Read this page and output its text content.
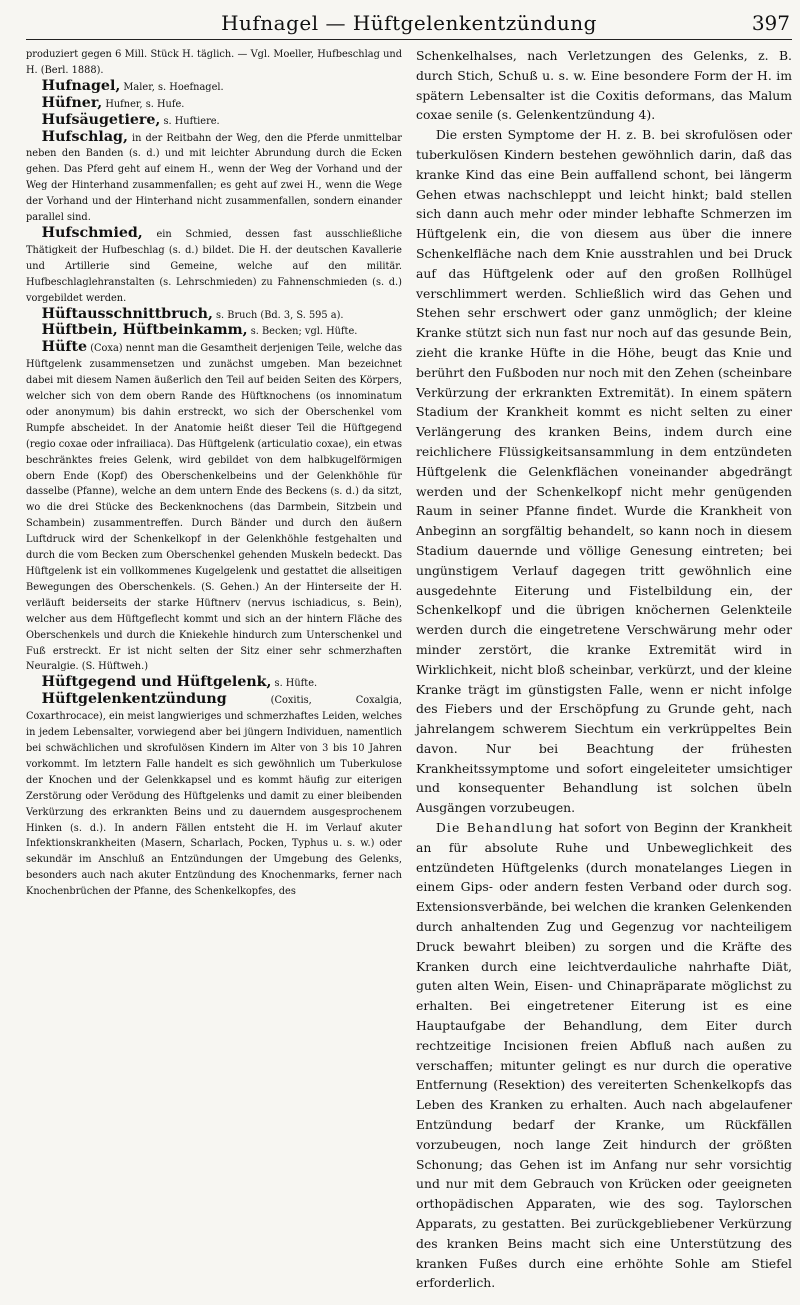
Hufnagel — Hüftgelenkentzündung	397

produziert gegen 6 Mill. Stück H. täglich. — Vgl. Moeller, Hufbeschlag und H. (Berl. 1888).

Hufnagel, Maler, s. Hoefnagel.

Hüfner, Hufner, s. Hufe.

Hufsäugetiere, s. Huftiere.

Hufschlag, in der Reitbahn der Weg, den die Pferde unmittelbar neben den Banden (s. d.) und mit leichter Abrundung durch die Ecken gehen. Das Pferd geht auf einem H., wenn der Weg der Vorhand und der Weg der Hinterhand zusammenfallen; es geht auf zwei H., wenn die Wege der Vorhand und der Hinterhand nicht zusammenfallen, sondern einander parallel sind.

Hufschmied, ein Schmied, dessen fast ausschließliche Thätigkeit der Hufbeschlag (s. d.) bildet. Die H. der deutschen Kavallerie und Artillerie sind Gemeine, welche auf den militär. Hufbeschlaglehranstalten (s. Lehrschmieden) zu Fahnenschmieden (s. d.) vorgebildet werden.

Hüftausschnittbruch, s. Bruch (Bd. 3, S. 595 a).

Hüftbein, Hüftbeinkamm, s. Becken; vgl. Hüfte.

Hüfte (Coxa) nennt man die Gesamtheit derjenigen Teile, welche das Hüftgelenk zusammensetzen und zunächst umgeben. Man bezeichnet dabei mit diesem Namen äußerlich den Teil auf beiden Seiten des Körpers, welcher sich von dem obern Rande des Hüftknochens (os innominatum oder anonymum) bis dahin erstreckt, wo sich der Oberschenkel vom Rumpfe abscheidet. In der Anatomie heißt dieser Teil die Hüftgegend (regio coxae oder infrailiaca). Das Hüftgelenk (articulatio coxae), ein etwas beschränktes freies Gelenk, wird gebildet von dem halbkugelförmigen obern Ende (Kopf) des Oberschenkelbeins und der Gelenkhöhle für dasselbe (Pfanne), welche an dem untern Ende des Beckens (s. d.) da sitzt, wo die drei Stücke des Beckenknochens (das Darmbein, Sitzbein und Schambein) zusammentreffen. Durch Bänder und durch den äußern Luftdruck wird der Schenkelkopf in der Gelenkhöhle festgehalten und durch die vom Becken zum Oberschenkel gehenden Muskeln bedeckt. Das Hüftgelenk ist ein vollkommenes Kugelgelenk und gestattet die allseitigen Bewegungen des Oberschenkels. (S. Gehen.) An der Hinterseite der H. verläuft beiderseits der starke Hüftnerv (nervus ischiadicus, s. Bein), welcher aus dem Hüftgeflecht kommt und sich an der hintern Fläche des Oberschenkels und durch die Kniekehle hindurch zum Unterschenkel und Fuß erstreckt. Er ist nicht selten der Sitz einer sehr schmerzhaften Neuralgie. (S. Hüftweh.)

Hüftgegend und Hüftgelenk, s. Hüfte.

Hüftgelenkentzündung (Coxitis, Coxalgia, Coxarthrocace), ein meist langwieriges und schmerzhaftes Leiden, welches in jedem Lebensalter, vorwiegend aber bei jüngern Individuen, namentlich bei schwächlichen und skrofulösen Kindern im Alter von 3 bis 10 Jahren vorkommt. Im letztern Falle handelt es sich gewöhnlich um Tuberkulose der Knochen und der Gelenkkapsel und es kommt häufig zur eiterigen Zerstörung oder Verödung des Hüftgelenks und damit zu einer bleibenden Verkürzung des erkrankten Beins und zu dauerndem ausgesprochenem Hinken (s. d.). In andern Fällen entsteht die H. im Verlauf akuter Infektionskrankheiten (Masern, Scharlach, Pocken, Typhus u. s. w.) oder sekundär im Anschluß an Entzündungen der Umgebung des Gelenks, besonders auch nach akuter Entzündung des Knochenmarks, ferner nach Knochenbrüchen der Pfanne, des Schenkelkopfes, des

Schenkelhalses, nach Verletzungen des Gelenks, z. B. durch Stich, Schuß u. s. w. Eine besondere Form der H. im spätern Lebensalter ist die Coxitis deformans, das Malum coxae senile (s. Gelenkentzündung 4).

Die ersten Symptome der H. z. B. bei skrofulösen oder tuberkulösen Kindern bestehen gewöhnlich darin, daß das kranke Kind das eine Bein auffallend schont, bei längerm Gehen etwas nachschleppt und leicht hinkt; bald stellen sich dann auch mehr oder minder lebhafte Schmerzen im Hüftgelenk ein, die von diesem aus über die innere Schenkelfläche nach dem Knie ausstrahlen und bei Druck auf das Hüftgelenk oder auf den großen Rollhügel verschlimmert werden. Schließlich wird das Gehen und Stehen sehr erschwert oder ganz unmöglich; der kleine Kranke stützt sich nun fast nur noch auf das gesunde Bein, zieht die kranke Hüfte in die Höhe, beugt das Knie und berührt den Fußboden nur noch mit den Zehen (scheinbare Verkürzung der erkrankten Extremität). In einem spätern Stadium der Krankheit kommt es nicht selten zu einer Verlängerung des kranken Beins, indem durch eine reichlichere Flüssigkeitsansammlung in dem entzündeten Hüftgelenk die Gelenkflächen voneinander abgedrängt werden und der Schenkelkopf nicht mehr genügenden Raum in seiner Pfanne findet. Wurde die Krankheit von Anbeginn an sorgfältig behandelt, so kann noch in diesem Stadium dauernde und völlige Genesung eintreten; bei ungünstigem Verlauf dagegen tritt gewöhnlich eine ausgedehnte Eiterung und Fistelbildung ein, der Schenkelkopf und die übrigen knöchernen Gelenkteile werden durch die eingetretene Verschwärung mehr oder minder zerstört, die kranke Extremität wird in Wirklichkeit, nicht bloß scheinbar, verkürzt, und der kleine Kranke trägt im günstigsten Falle, wenn er nicht infolge des Fiebers und der Erschöpfung zu Grunde geht, nach jahrelangem schwerem Siechtum ein verkrüppeltes Bein davon. Nur bei Beachtung der frühesten Krankheitssymptome und sofort eingeleiteter umsichtiger und konsequenter Behandlung ist solchen übeln Ausgängen vorzubeugen.

Die Behandlung hat sofort von Beginn der Krankheit an für absolute Ruhe und Unbeweglichkeit des entzündeten Hüftgelenks (durch monatelanges Liegen in einem Gips- oder andern festen Verband oder durch sog. Extensionsverbände, bei welchen die kranken Gelenkenden durch anhaltenden Zug und Gegenzug vor nachteiligem Druck bewahrt bleiben) zu sorgen und die Kräfte des Kranken durch eine leichtverdauliche nahrhafte Diät, guten alten Wein, Eisen- und Chinapräparate möglichst zu erhalten. Bei eingetretener Eiterung ist es eine Hauptaufgabe der Behandlung, dem Eiter durch rechtzeitige Incisionen freien Abfluß nach außen zu verschaffen; mitunter gelingt es nur durch die operative Entfernung (Resektion) des vereiterten Schenkelkopfs das Leben des Kranken zu erhalten. Auch nach abgelaufener Entzündung bedarf der Kranke, um Rückfällen vorzubeugen, noch lange Zeit hindurch der größten Schonung; das Gehen ist im Anfang nur sehr vorsichtig und nur mit dem Gebrauch von Krücken oder geeigneten orthopädischen Apparaten, wie des sog. Taylorschen Apparats, zu gestatten. Bei zurückgebliebener Verkürzung des kranken Beins macht sich eine Unterstützung des kranken Fußes durch eine erhöhte Sohle am Stiefel erforderlich.
